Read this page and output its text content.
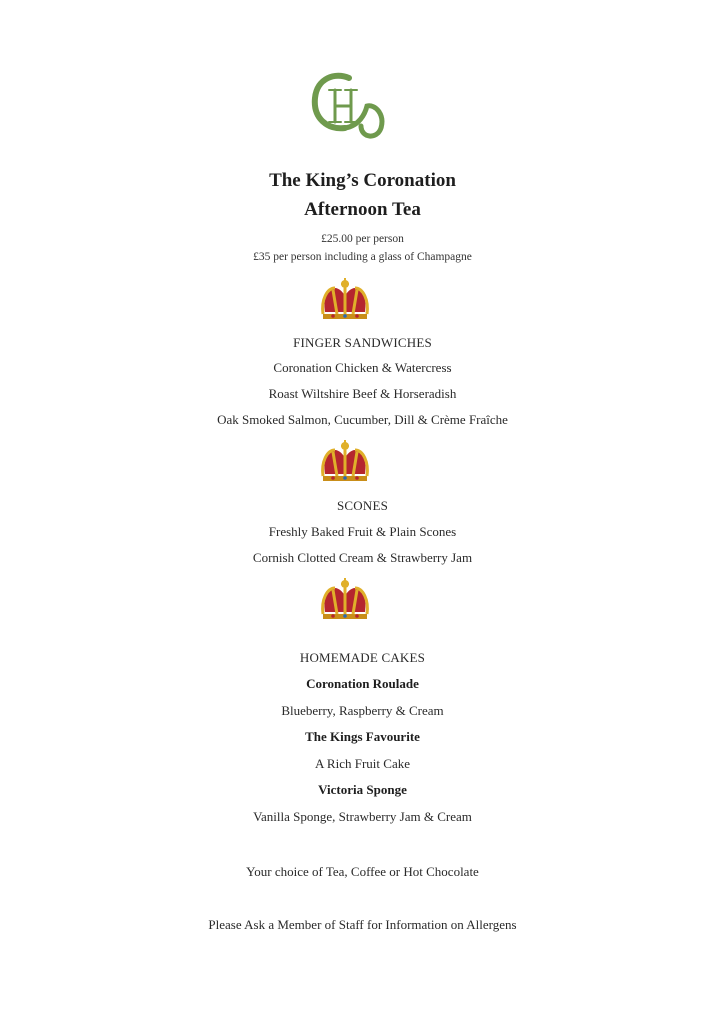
The King’s Coronation
Afternoon Tea
£25.00 per person
£35 per person including a glass of Champagne
FINGER SANDWICHES
Coronation Chicken & Watercress
Roast Wiltshire Beef & Horseradish
Oak Smoked Salmon, Cucumber, Dill & Crème Fraîche
SCONES
Freshly Baked Fruit & Plain Scones
Cornish Clotted Cream & Strawberry Jam
HOMEMADE CAKES
Coronation Roulade
Blueberry, Raspberry & Cream
The Kings Favourite
A Rich Fruit Cake
Victoria Sponge
Vanilla Sponge, Strawberry Jam & Cream
Your choice of Tea, Coffee or Hot Chocolate
Please Ask a Member of Staff for Information on Allergens
